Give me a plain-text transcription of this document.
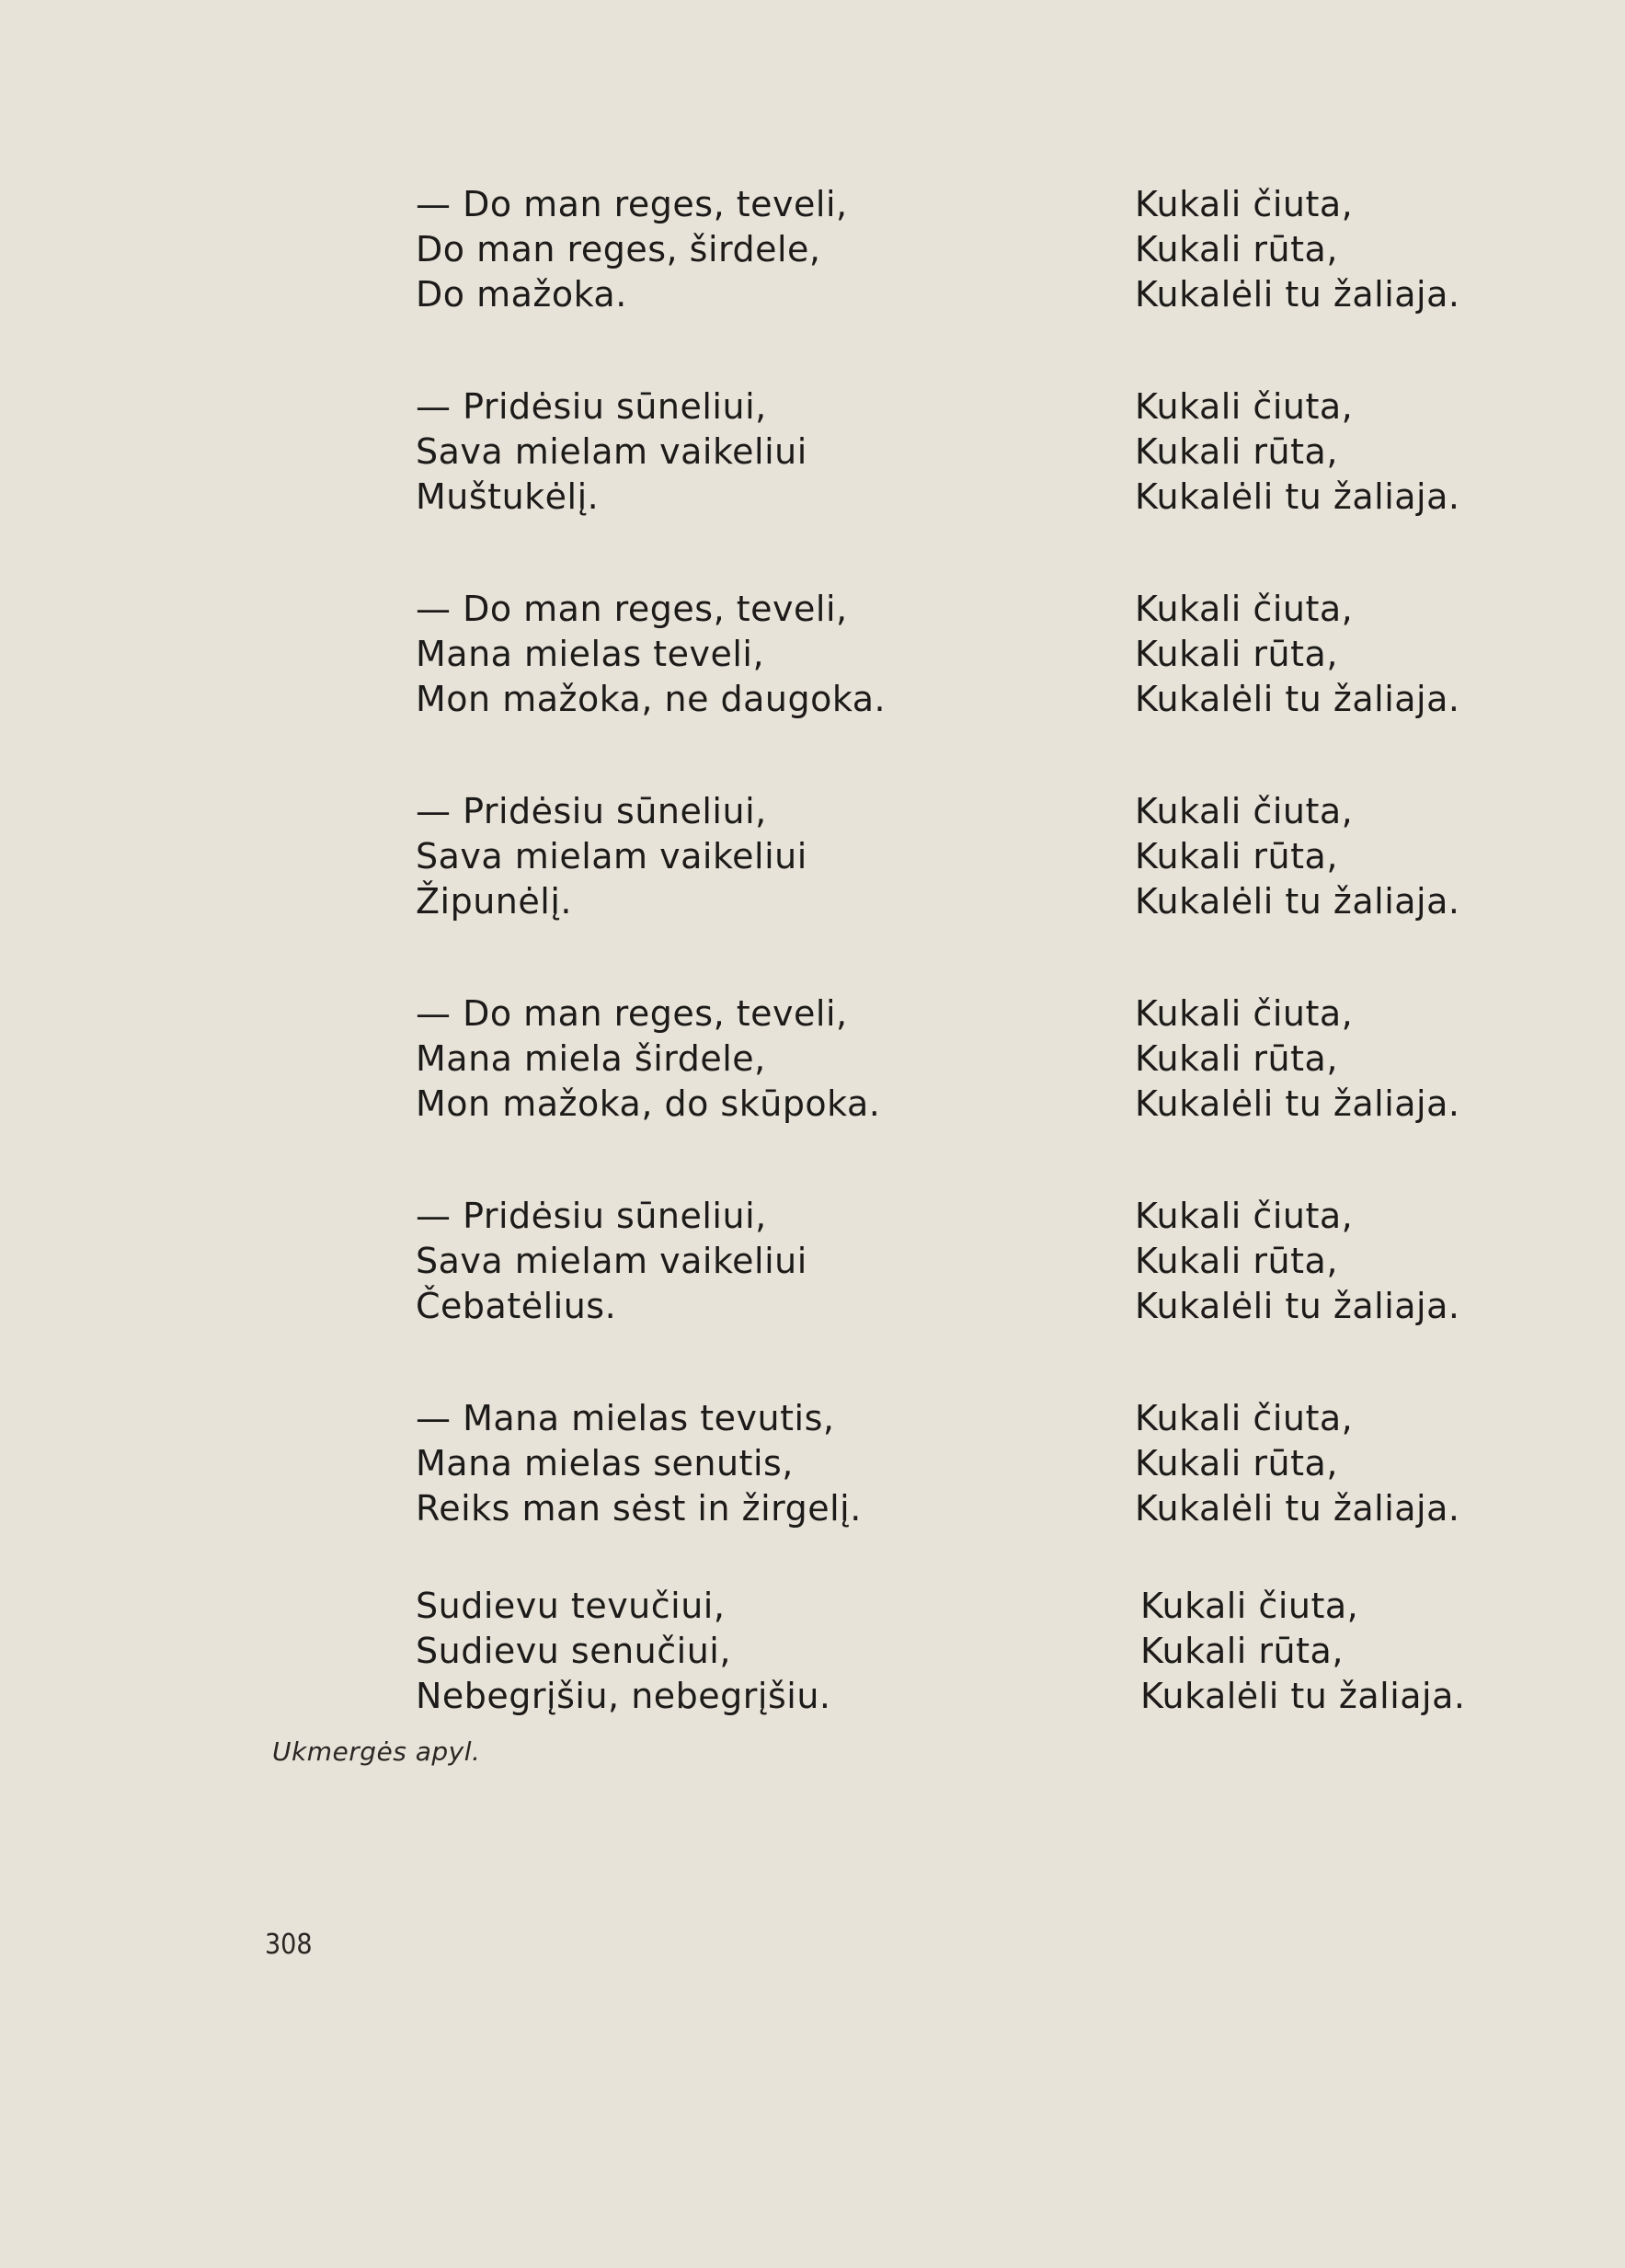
— Do man reges, teveli,
Do man reges, širdele,
Do mažoka.
Kukali čiuta,
Kukali rūta,
Kukalėli tu žaliaja.
— Pridėsiu sūneliui,
Sava mielam vaikeliui
Muštukėlį.
Kukali čiuta,
Kukali rūta,
Kukalėli tu žaliaja.
— Do man reges, teveli,
Mana mielas teveli,
Mon mažoka, ne daugoka.
Kukali čiuta,
Kukali rūta,
Kukalėli tu žaliaja.
— Pridėsiu sūneliui,
Sava mielam vaikeliui
Žipunėlį.
Kukali čiuta,
Kukali rūta,
Kukalėli tu žaliaja.
— Do man reges, teveli,
Mana miela širdele,
Mon mažoka, do skūpoka.
Kukali čiuta,
Kukali rūta,
Kukalėli tu žaliaja.
— Pridėsiu sūneliui,
Sava mielam vaikeliui
Čebatėlius.
Kukali čiuta,
Kukali rūta,
Kukalėli tu žaliaja.
— Mana mielas tevutis,
Mana mielas senutis,
Reiks man sėst in žirgelį.
Kukali čiuta,
Kukali rūta,
Kukalėli tu žaliaja.
Sudievu tevučiui,
Sudievu senučiui,
Nebegrįšiu, nebegrįšiu.
Kukali čiuta,
Kukali rūta,
Kukalėli tu žaliaja.
Ukmergės apyl.
308
